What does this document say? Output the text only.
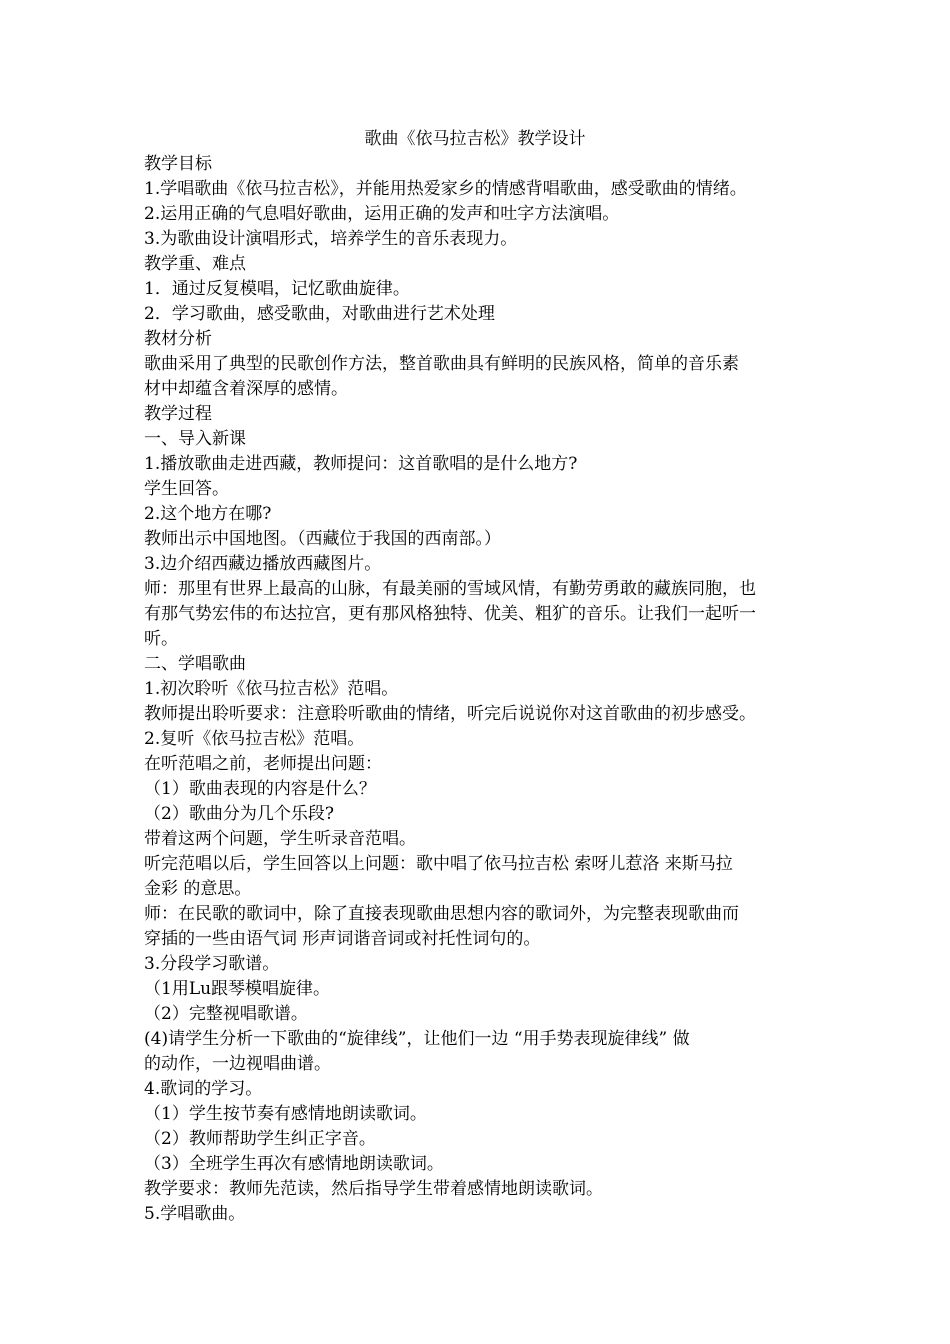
歌曲《依马拉吉松》教学设计
教学目标
1.学唱歌曲《依马拉吉松》，并能用热爱家乡的情感背唱歌曲，感受歌曲的情绪。
2.运用正确的气息唱好歌曲，运用正确的发声和吐字方法演唱。
3.为歌曲设计演唱形式，培养学生的音乐表现力。
教学重、难点
1．通过反复模唱，记忆歌曲旋律。
2．学习歌曲，感受歌曲，对歌曲进行艺术处理
教材分析
歌曲采用了典型的民歌创作方法，整首歌曲具有鲜明的民族风格，简单的音乐素
材中却蕴含着深厚的感情。
教学过程
一、导入新课
1.播放歌曲走进西藏，教师提问：这首歌唱的是什么地方?
学生回答。
2.这个地方在哪?
教师出示中国地图。（西藏位于我国的西南部。）
3.边介绍西藏边播放西藏图片。
师：那里有世界上最高的山脉，有最美丽的雪域风情，有勤劳勇敢的藏族同胞，也
有那气势宏伟的布达拉宫，更有那风格独特、优美、粗犷的音乐。让我们一起听一
听。
二、学唱歌曲
1.初次聆听《依马拉吉松》范唱。
教师提出聆听要求：注意聆听歌曲的情绪，听完后说说你对这首歌曲的初步感受。
2.复听《依马拉吉松》范唱。
在听范唱之前，老师提出问题：
（1）歌曲表现的内容是什么？
（2）歌曲分为几个乐段?
带着这两个问题，学生听录音范唱。
听完范唱以后，学生回答以上问题：歌中唱了依马拉吉松 索呀儿惹洛 来斯马拉
金彩 的意思。
师：在民歌的歌词中，除了直接表现歌曲思想内容的歌词外，为完整表现歌曲而
穿插的一些由语气词 形声词谐音词或衬托性词句的。
3.分段学习歌谱。
（1用Lu跟琴模唱旋律。
（2）完整视唱歌谱。
(4)请学生分析一下歌曲的“旋律线”，让他们一边 “用手势表现旋律线” 做
的动作，一边视唱曲谱。
4.歌词的学习。
（1）学生按节奏有感情地朗读歌词。
（2）教师帮助学生纠正字音。
（3）全班学生再次有感情地朗读歌词。
教学要求：教师先范读，然后指导学生带着感情地朗读歌词。
5.学唱歌曲。
